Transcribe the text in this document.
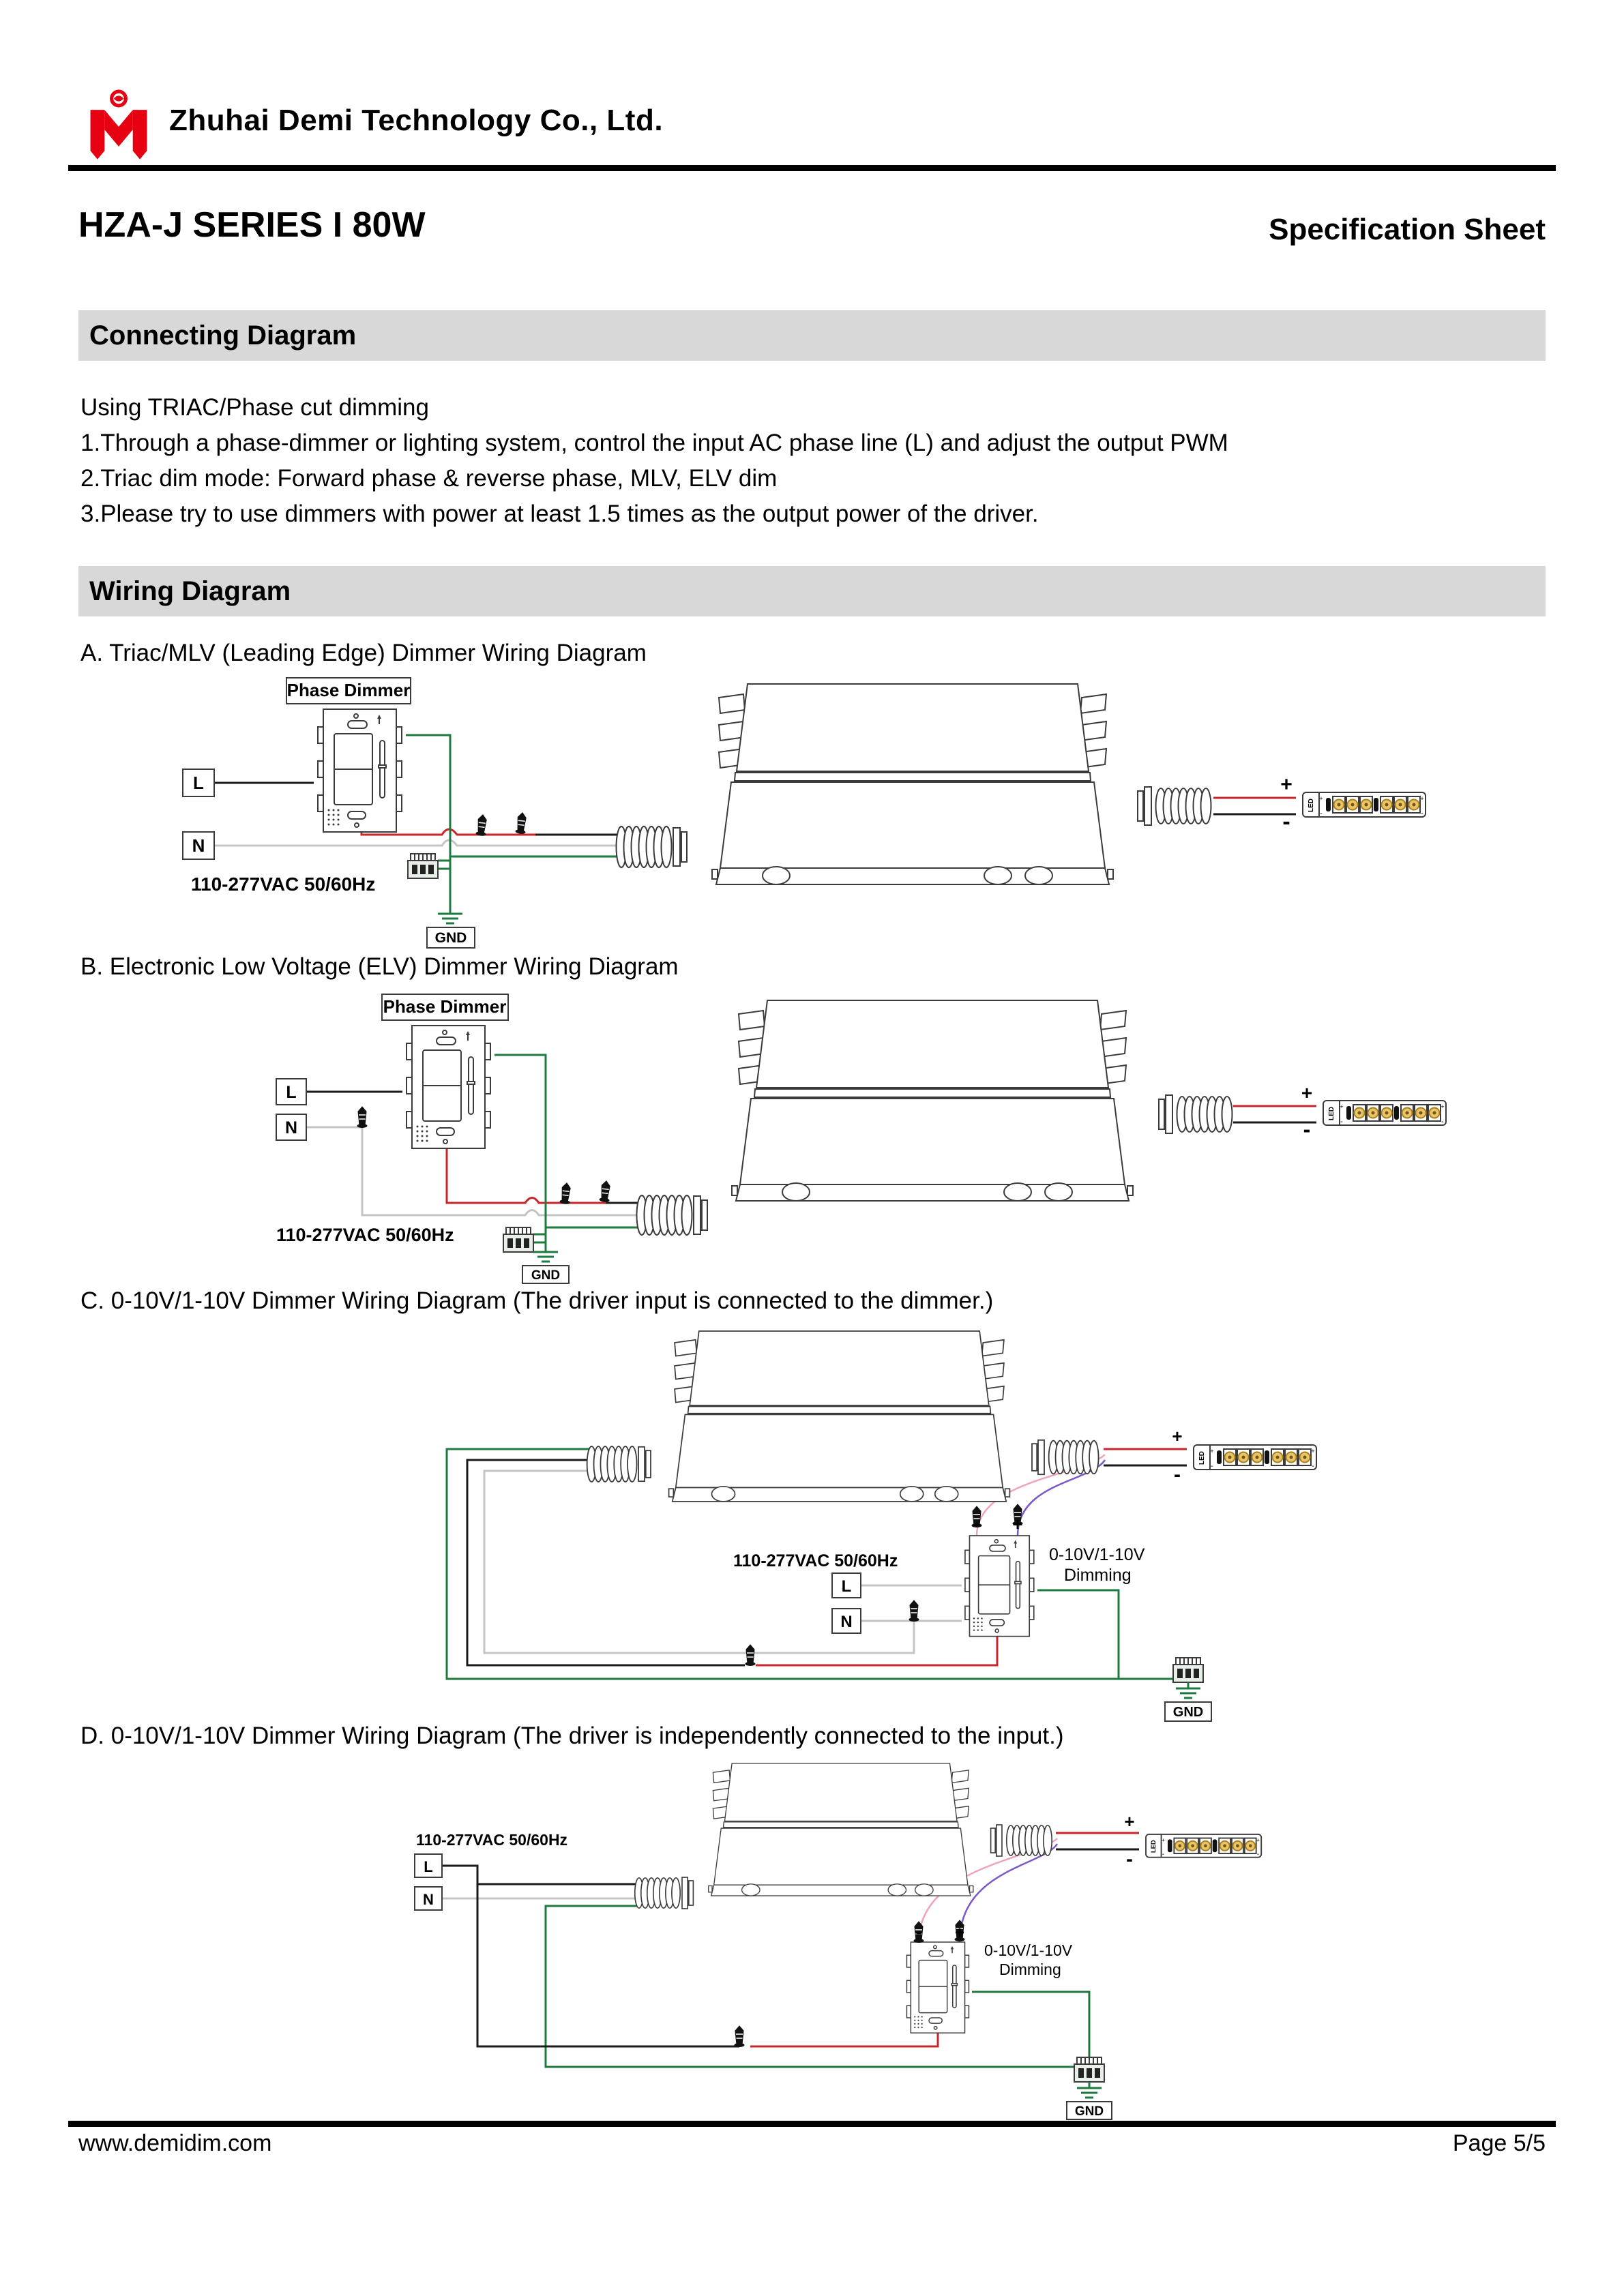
Zhuhai Demi Technology Co., Ltd.
HZA-J SERIES I 80W	Specification Sheet
Connecting Diagram
Using TRIAC/Phase cut dimming
1.Through a phase-dimmer or lighting system, control the input AC phase line (L) and adjust the output PWM
2.Triac dim mode: Forward phase & reverse phase, MLV, ELV dim
3.Please try to use dimmers with power at least 1.5 times as the output power of the driver.
Wiring Diagram
A. Triac/MLV (Leading Edge) Dimmer Wiring Diagram
Phase Dimmer
L
N
110-277VAC 50/60Hz
GND
+
-
LED +
-
+
-
B. Electronic Low Voltage (ELV) Dimmer Wiring Diagram
Phase Dimmer
L
N
110-277VAC 50/60Hz
GND
+
-
LED +
-
+
-
C. 0-10V/1-10V Dimmer Wiring Diagram (The driver input is connected to the dimmer.)
110-277VAC 50/60Hz
L
N
- +
0-10V/1-10V
Dimming
GND
+
-
LED +
-
+
-
D. 0-10V/1-10V Dimmer Wiring Diagram (The driver is independently connected to the input.)
110-277VAC 50/60Hz
L
N
- +
0-10V/1-10V
Dimming
GND
+
-
LED
+
-
+
-
www.demidim.com	Page 5/5
